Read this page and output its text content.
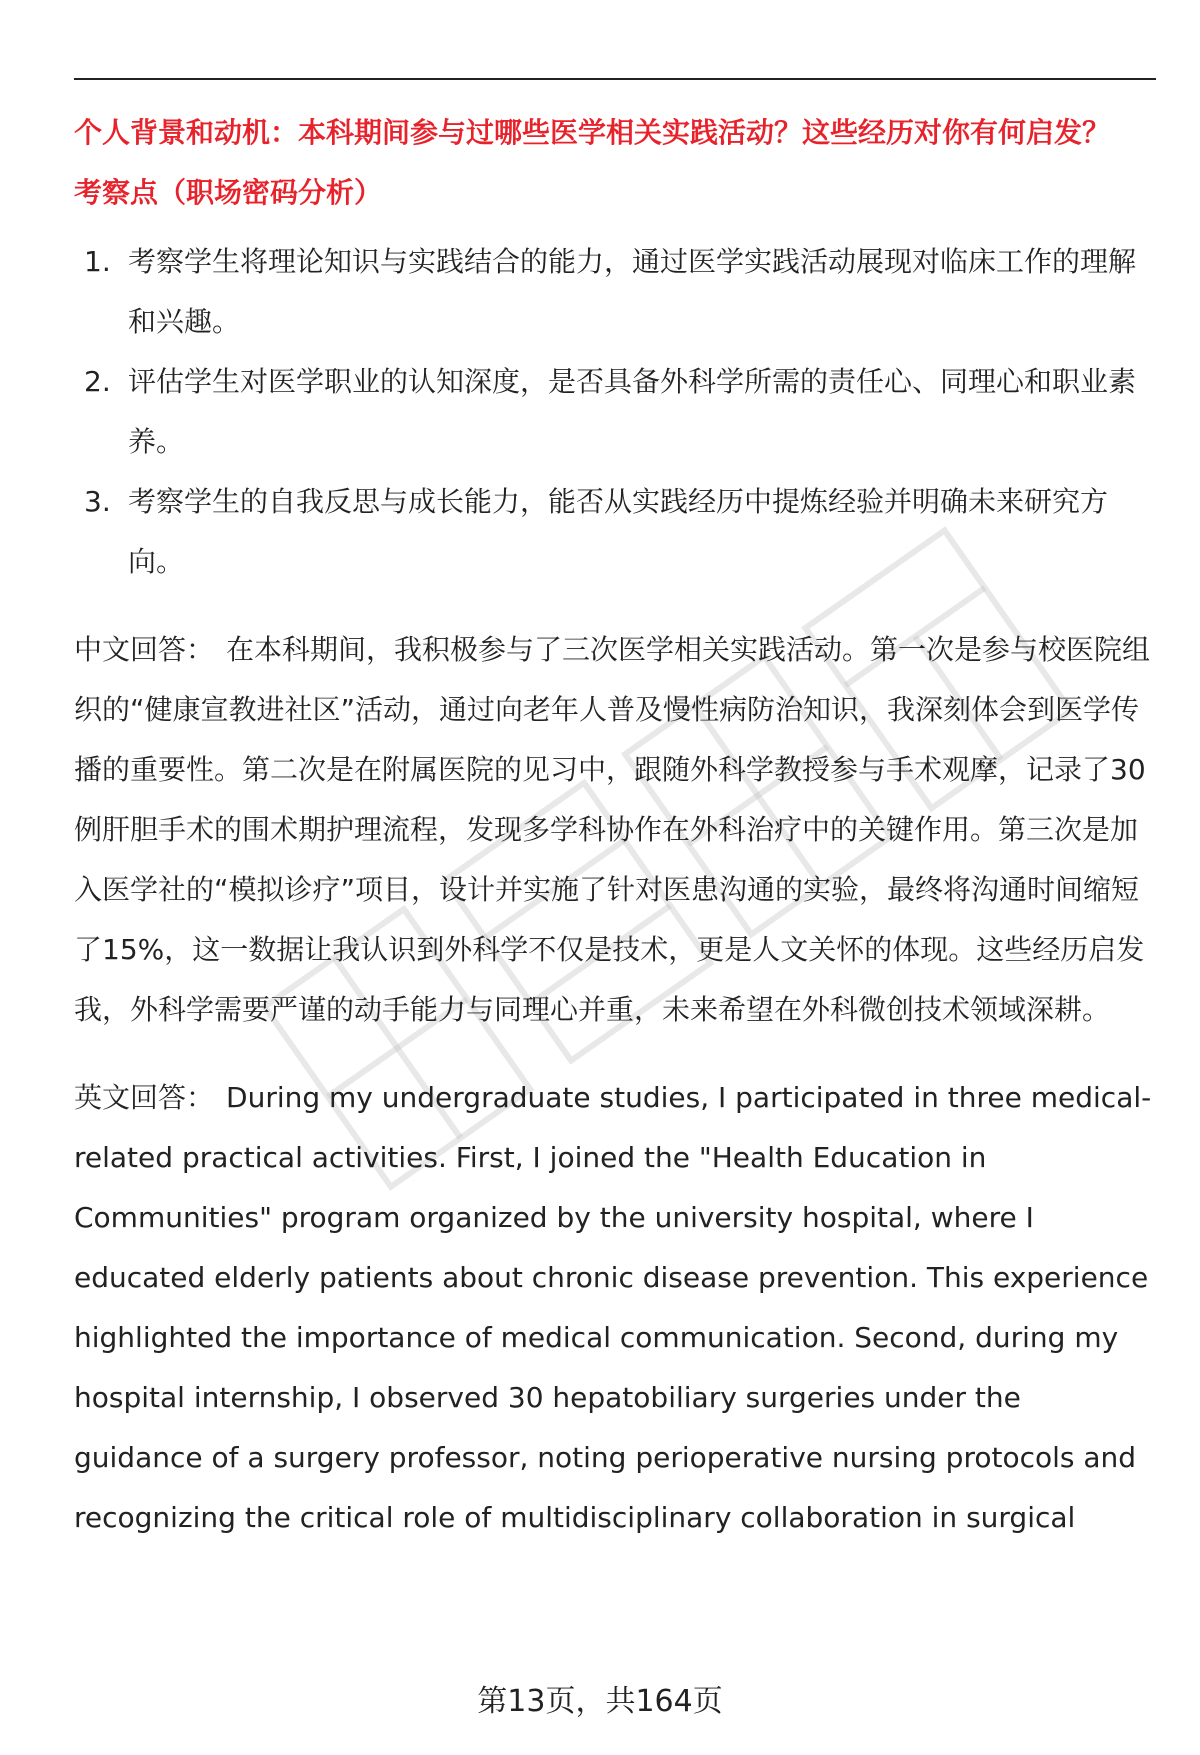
个人背景和动机：本科期间参与过哪些医学相关实践活动？这些经历对你有何启发？

考察点（职场密码分析）

1. 考察学生将理论知识与实践结合的能力，通过医学实践活动展现对临床工作的理解和兴趣。
2. 评估学生对医学职业的认知深度，是否具备外科学所需的责任心、同理心和职业素养。
3. 考察学生的自我反思与成长能力，能否从实践经历中提炼经验并明确未来研究方向。

中文回答： 在本科期间，我积极参与了三次医学相关实践活动。第一次是参与校医院组织的“健康宣教进社区”活动，通过向老年人普及慢性病防治知识，我深刻体会到医学传播的重要性。第二次是在附属医院的见习中，跟随外科学教授参与手术观摩，记录了30例肝胆手术的围术期护理流程，发现多学科协作在外科治疗中的关键作用。第三次是加入医学社的“模拟诊疗”项目，设计并实施了针对医患沟通的实验，最终将沟通时间缩短了15%，这一数据让我认识到外科学不仅是技术，更是人文关怀的体现。这些经历启发我，外科学需要严谨的动手能力与同理心并重，未来希望在外科微创技术领域深耕。

英文回答： During my undergraduate studies, I participated in three medical-related practical activities. First, I joined the "Health Education in Communities" program organized by the university hospital, where I educated elderly patients about chronic disease prevention. This experience highlighted the importance of medical communication. Second, during my hospital internship, I observed 30 hepatobiliary surgeries under the guidance of a surgery professor, noting perioperative nursing protocols and recognizing the critical role of multidisciplinary collaboration in surgical

第13页，共164页
